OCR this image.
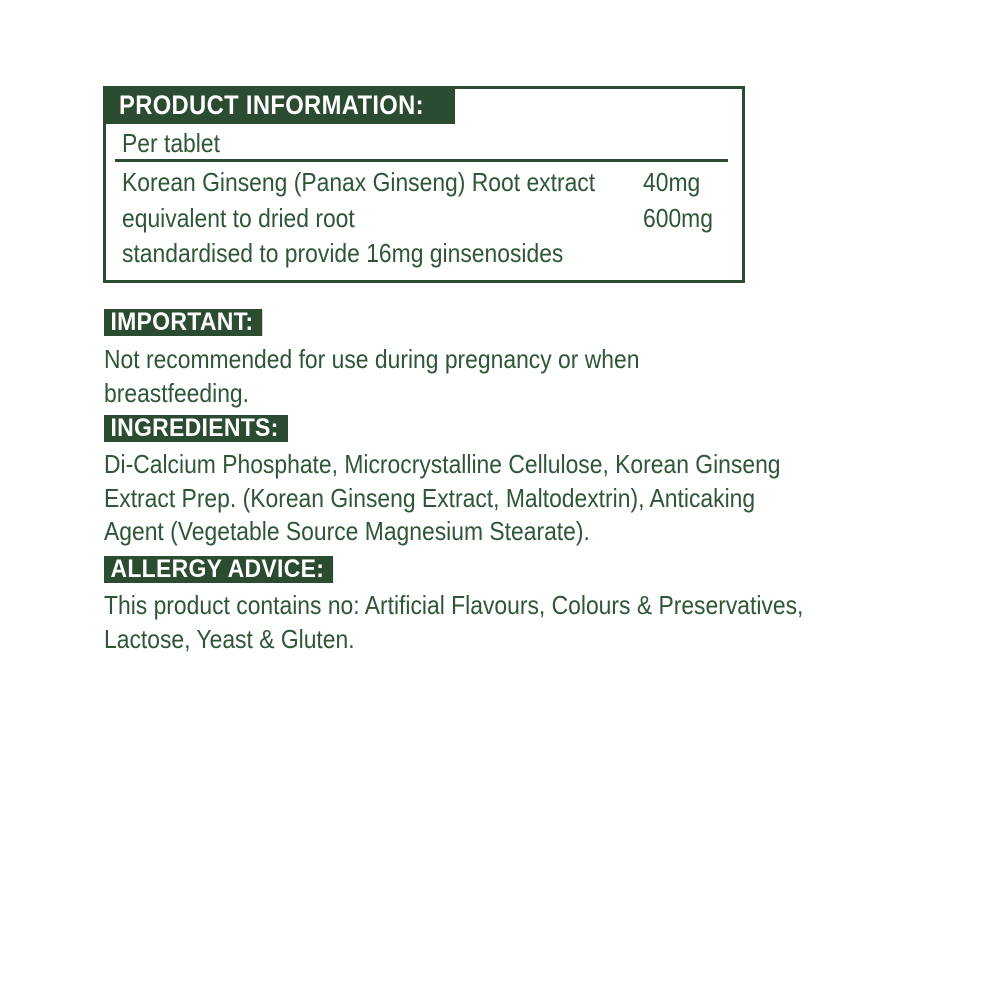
PRODUCT INFORMATION:
Per tablet
Korean Ginseng (Panax Ginseng) Root extract 40mg
equivalent to dried root	600mg
standardised to provide 16mg ginsenosides
IMPORTANT:
Not recommended for use during pregnancy or when
breastfeeding.
INGREDIENTS:
Di-Calcium Phosphate, Microcrystalline Cellulose, Korean Ginseng
Extract Prep. (Korean Ginseng Extract, Maltodextrin), Anticaking
Agent (Vegetable Source Magnesium Stearate).
ALLERGY ADVICE:
This product contains no: Artificial Flavours, Colours & Preservatives,
Lactose, Yeast & Gluten.
